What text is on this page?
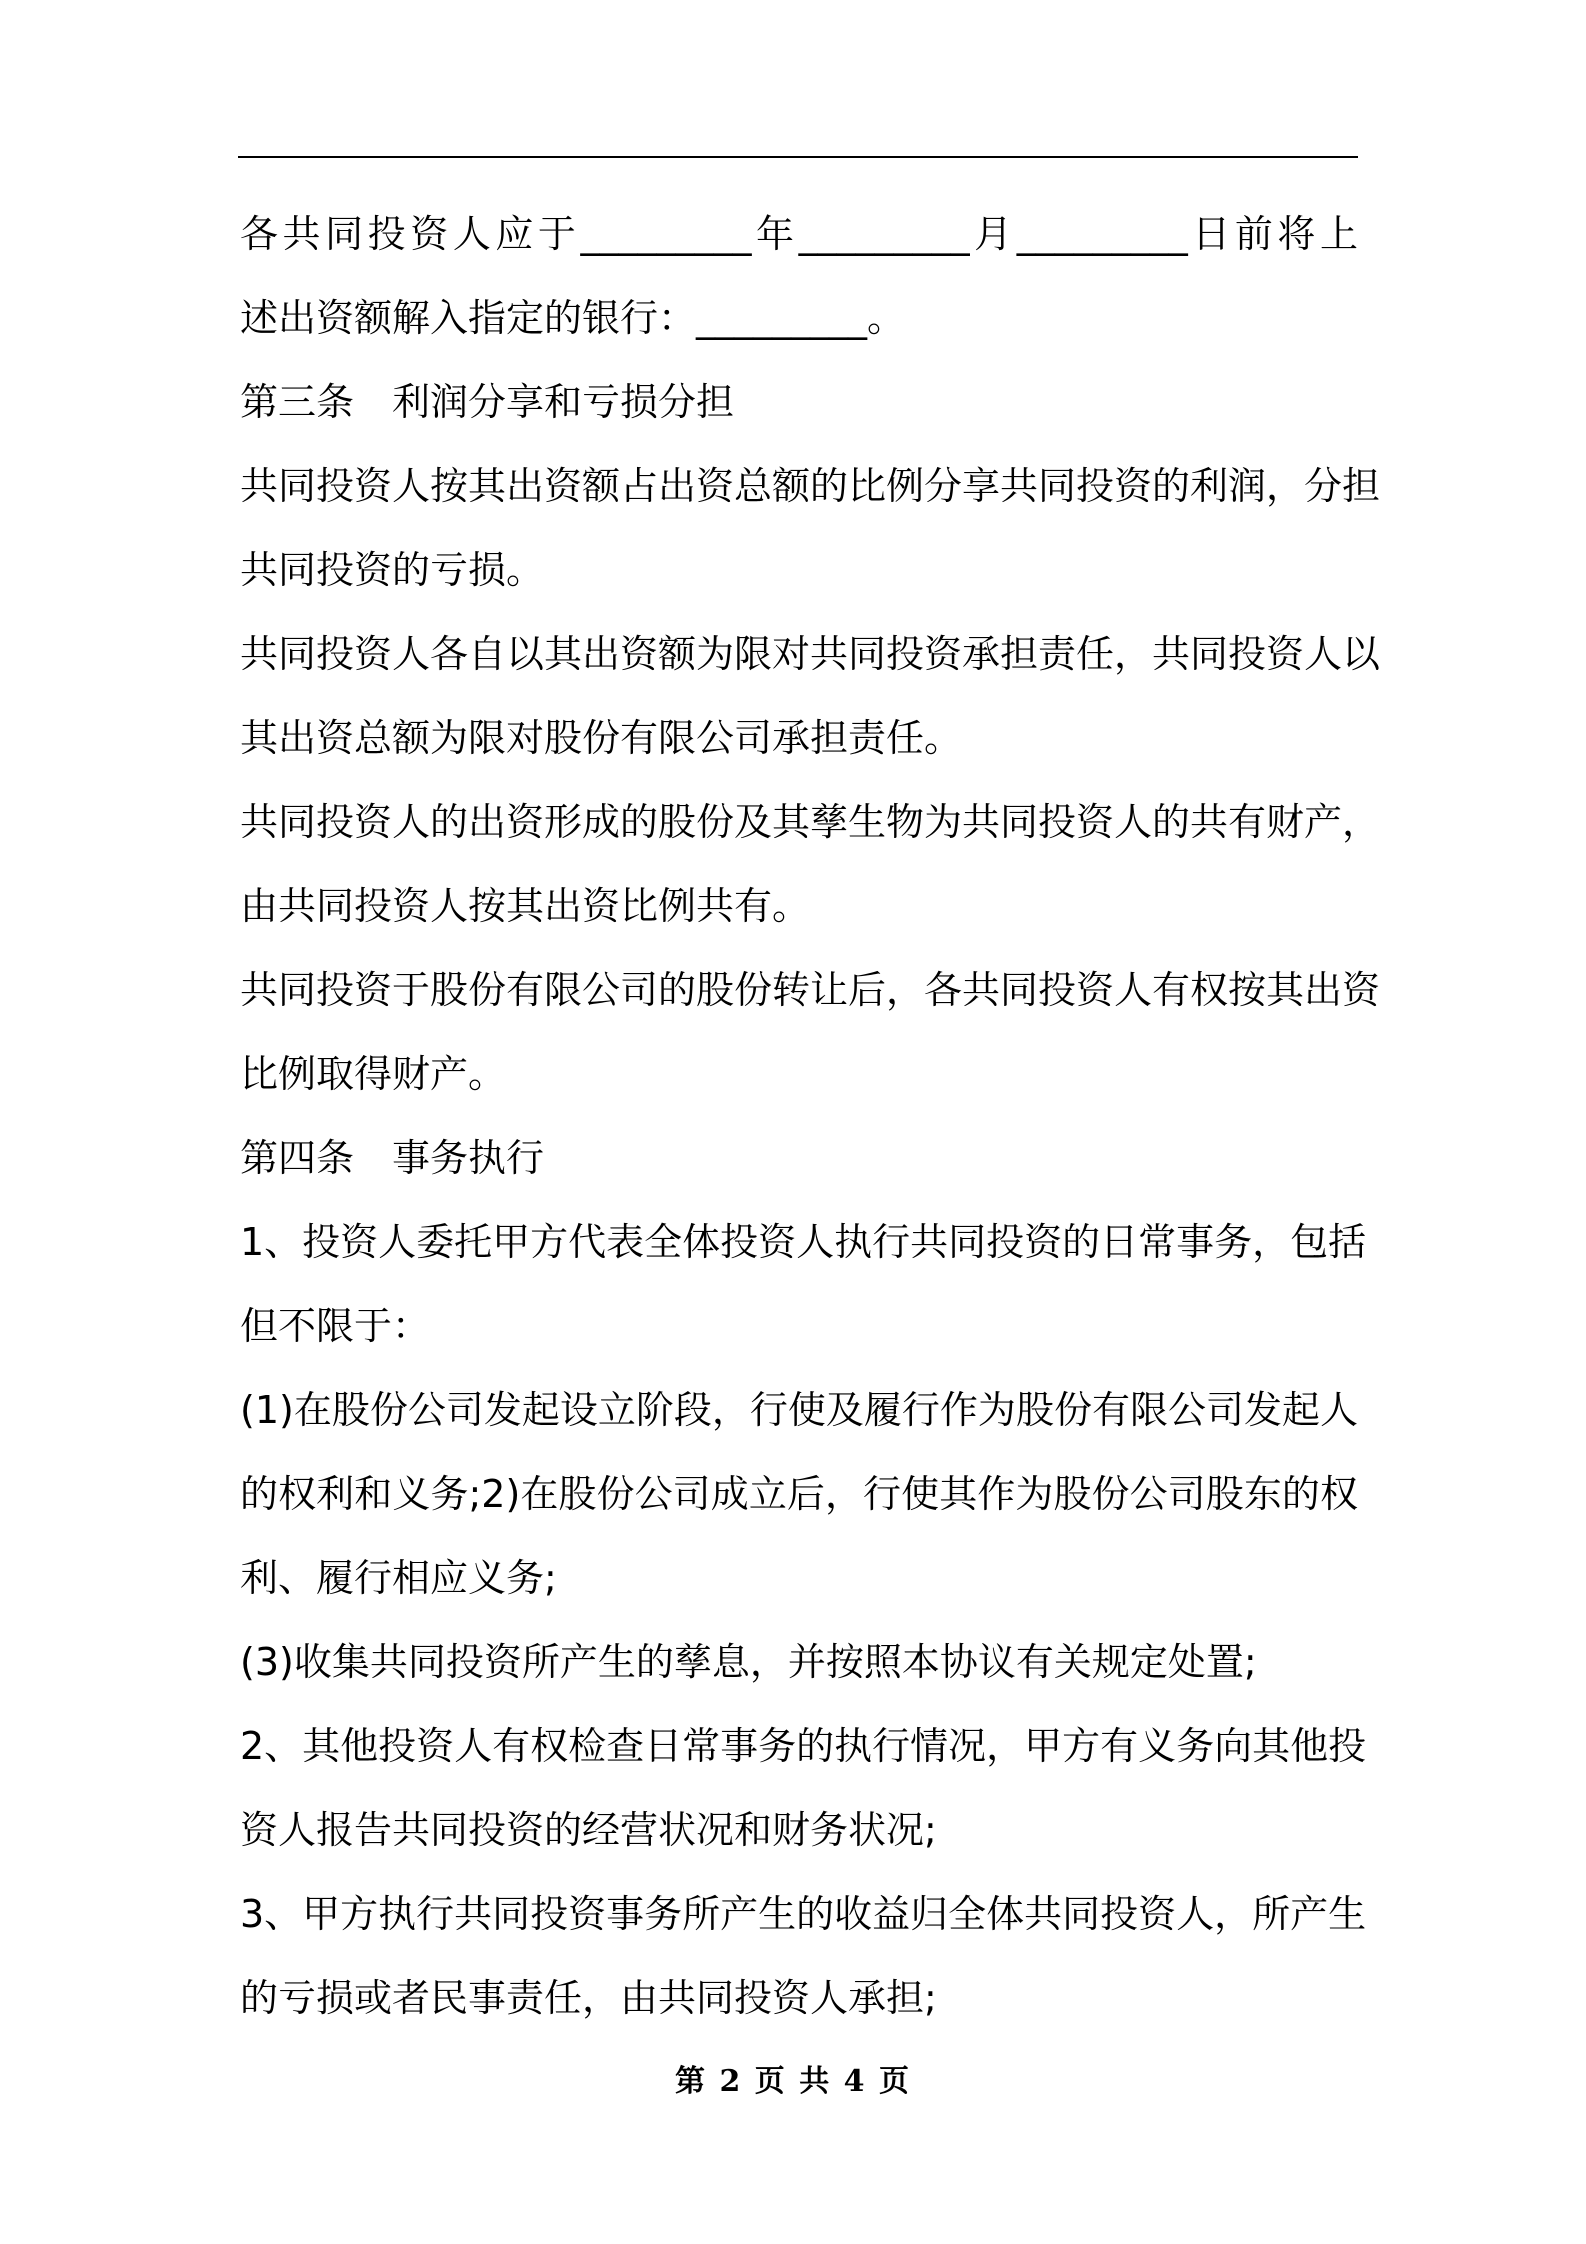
各共同投资人应于_________年_________月_________日前将上
述出资额解入指定的银行：_________。
第三条　利润分享和亏损分担
共同投资人按其出资额占出资总额的比例分享共同投资的利润，分担
共同投资的亏损。
共同投资人各自以其出资额为限对共同投资承担责任，共同投资人以
其出资总额为限对股份有限公司承担责任。
共同投资人的出资形成的股份及其孳生物为共同投资人的共有财产，
由共同投资人按其出资比例共有。
共同投资于股份有限公司的股份转让后，各共同投资人有权按其出资
比例取得财产。
第四条　事务执行
1、投资人委托甲方代表全体投资人执行共同投资的日常事务，包括
但不限于：
(1)在股份公司发起设立阶段，行使及履行作为股份有限公司发起人
的权利和义务;2)在股份公司成立后，行使其作为股份公司股东的权
利、履行相应义务;
(3)收集共同投资所产生的孳息，并按照本协议有关规定处置;
2、其他投资人有权检查日常事务的执行情况，甲方有义务向其他投
资人报告共同投资的经营状况和财务状况;
3、甲方执行共同投资事务所产生的收益归全体共同投资人，所产生
的亏损或者民事责任，由共同投资人承担;
第 2 页 共 4 页
